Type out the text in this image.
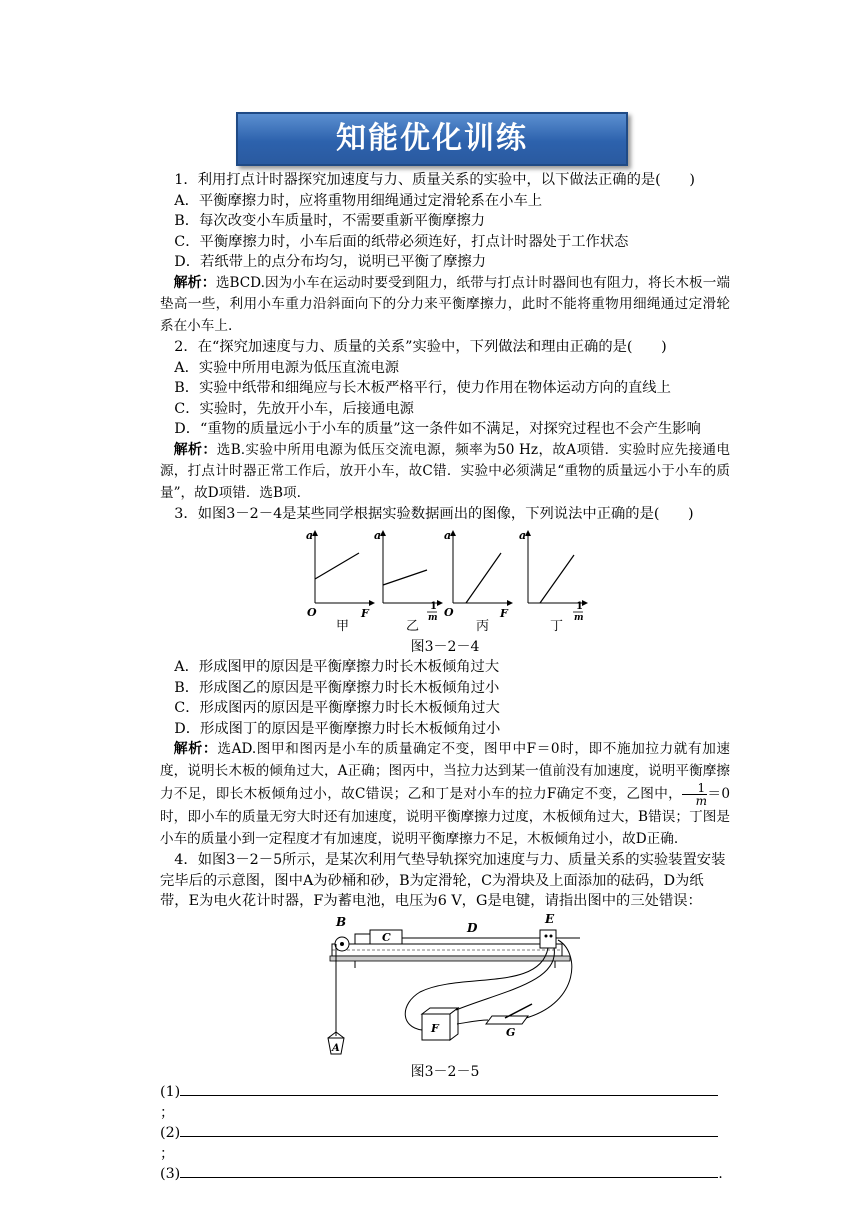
知能优化训练

1．利用打点计时器探究加速度与力、质量关系的实验中，以下做法正确的是(　　)

A．平衡摩擦力时，应将重物用细绳通过定滑轮系在小车上

B．每次改变小车质量时，不需要重新平衡摩擦力

C．平衡摩擦力时，小车后面的纸带必须连好，打点计时器处于工作状态

D．若纸带上的点分布均匀，说明已平衡了摩擦力

解析：选BCD.因为小车在运动时要受到阻力，纸带与打点计时器间也有阻力，将长木板一端垫高一些，利用小车重力沿斜面向下的分力来平衡摩擦力，此时不能将重物用细绳通过定滑轮系在小车上.

2．在“探究加速度与力、质量的关系”实验中，下列做法和理由正确的是(　　)

A．实验中所用电源为低压直流电源

B．实验中纸带和细绳应与长木板严格平行，使力作用在物体运动方向的直线上

C．实验时，先放开小车，后接通电源

D．“重物的质量远小于小车的质量”这一条件如不满足，对探究过程也不会产生影响

解析：选B.实验中所用电源为低压交流电源，频率为50 Hz，故A项错．实验时应先接通电源，打点计时器正常工作后，放开小车，故C错．实验中必须满足“重物的质量远小于小车的质量”，故D项错．选B项.

3．如图3－2－4是某些同学根据实验数据画出的图像，下列说法中正确的是(　　)

a
O	F
a
1
m
a
O	F
a
1
m
甲	乙	丙	丁

图3－2－4

A．形成图甲的原因是平衡摩擦力时长木板倾角过大

B．形成图乙的原因是平衡摩擦力时长木板倾角过小

C．形成图丙的原因是平衡摩擦力时长木板倾角过大

D．形成图丁的原因是平衡摩擦力时长木板倾角过小

解析：选AD.图甲和图丙是小车的质量确定不变，图甲中F＝0时，即不施加拉力就有加速度，说明长木板的倾角过大，A正确；图丙中，当拉力达到某一值前没有加速度，说明平衡摩擦力不足，即长木板倾角过小，故C错误；乙和丁是对小车的拉力F确定不变，乙图中， $\frac{1}{m} =0$时，即小车的质量无穷大时还有加速度，说明平衡摩擦力过度，木板倾角过大，B错误；丁图是小车的质量小到一定程度才有加速度，说明平衡摩擦力不足，木板倾角过小，故D正确.

4．如图3－2－5所示，是某次利用气垫导轨探究加速度与力、质量关系的实验装置安装完毕后的示意图，图中A为砂桶和砂，B为定滑轮，C为滑块及上面添加的砝码，D为纸带，E为电火花计时器，F为蓄电池，电压为6 V，G是电键，请指出图中的三处错误：

B
C
D
E
A
F	G

图3－2－5

(1)；

(2)；

(3)	.
